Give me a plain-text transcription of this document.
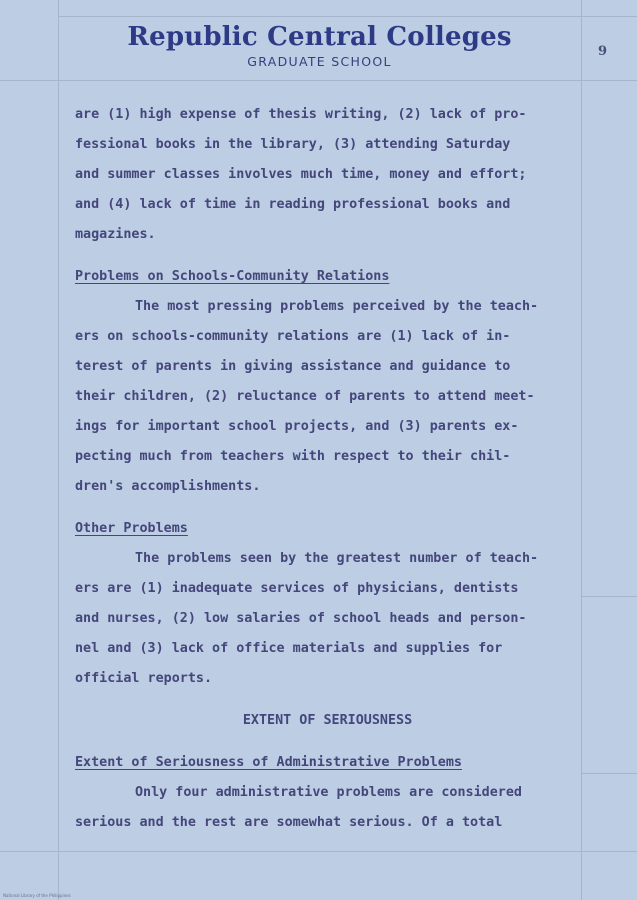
Republic Central Colleges
GRADUATE SCHOOL
9

are (1) high expense of thesis writing, (2) lack of pro-

fessional books in the library, (3) attending Saturday

and summer classes involves much time, money and effort;

and (4) lack of time in reading professional books and

magazines.

Problems on Schools-Community Relations

The most pressing problems perceived by the teach-

ers on schools-community relations are (1) lack of in-

terest of parents in giving assistance and guidance to

their children, (2) reluctance of parents to attend meet-

ings for important school projects, and (3) parents ex-

pecting much from teachers with respect to their chil-

dren's accomplishments.

Other Problems

The problems seen by the greatest number of teach-

ers are (1) inadequate services of physicians, dentists

and nurses, (2) low salaries of school heads and person-

nel and (3) lack of office materials and supplies for

official reports.

EXTENT OF SERIOUSNESS

Extent of Seriousness of Administrative Problems

Only four administrative problems are considered

serious and the rest are somewhat serious. Of a total

National Library of the Philippines
